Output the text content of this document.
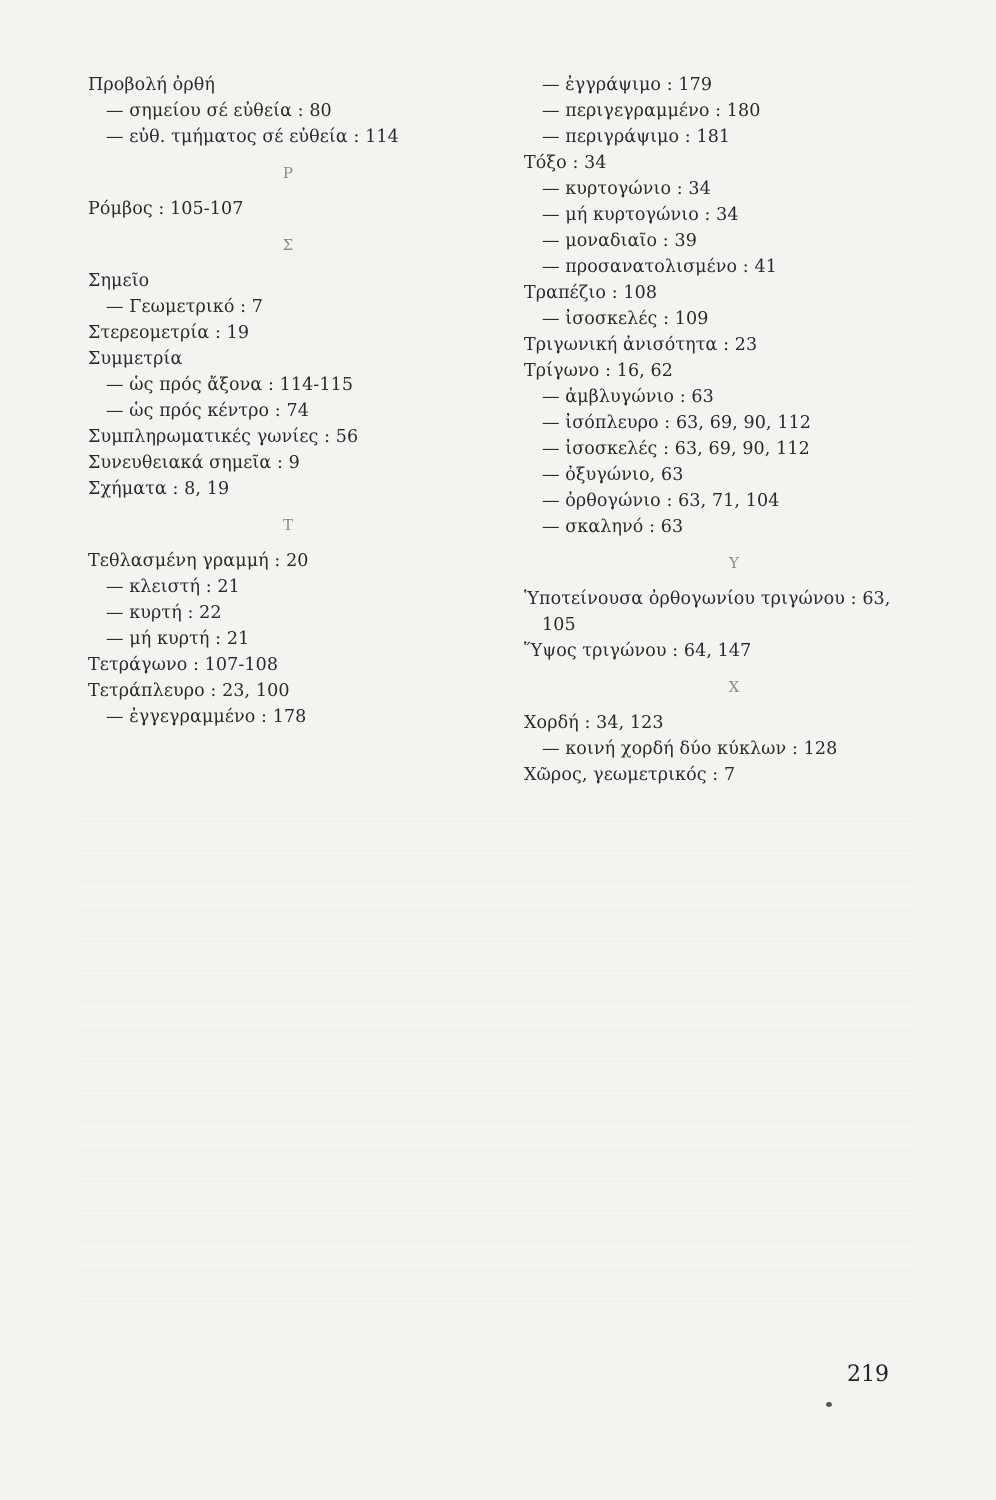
Προβολή ὀρθή
— σημείου σέ εὐθεία : 80
— εὐθ. τμήματος σέ εὐθεία : 114
Ρ
Ρόμβος : 105-107
Σ
Σημεῖο
— Γεωμετρικό : 7
Στερεομετρία : 19
Συμμετρία
— ὡς πρός ἄξονα : 114-115
— ὡς πρός κέντρο : 74
Συμπληρωματικές γωνίες : 56
Συνευθειακά σημεῖα : 9
Σχήματα : 8, 19
Τ
Τεθλασμένη γραμμή : 20
— κλειστή : 21
— κυρτή : 22
— μή κυρτή : 21
Τετράγωνο : 107-108
Τετράπλευρο : 23, 100
— ἐγγεγραμμένο : 178
— ἐγγράψιμο : 179
— περιγεγραμμένο : 180
— περιγράψιμο : 181
Τόξο : 34
— κυρτογώνιο : 34
— μή κυρτογώνιο : 34
— μοναδιαῖο : 39
— προσανατολισμένο : 41
Τραπέζιο : 108
— ἰσοσκελές : 109
Τριγωνική ἀνισότητα : 23
Τρίγωνο : 16, 62
— ἀμβλυγώνιο : 63
— ἰσόπλευρο : 63, 69, 90, 112
— ἰσοσκελές : 63, 69, 90, 112
— ὀξυγώνιο, 63
— ὀρθογώνιο : 63, 71, 104
— σκαληνό : 63
Υ
Ὑποτείνουσα ὀρθογωνίου τριγώνου : 63,
105
Ὕψος τριγώνου : 64, 147
Χ
Χορδή : 34, 123
— κοινή χορδή δύο κύκλων : 128
Χῶρος, γεωμετρικός : 7
219
